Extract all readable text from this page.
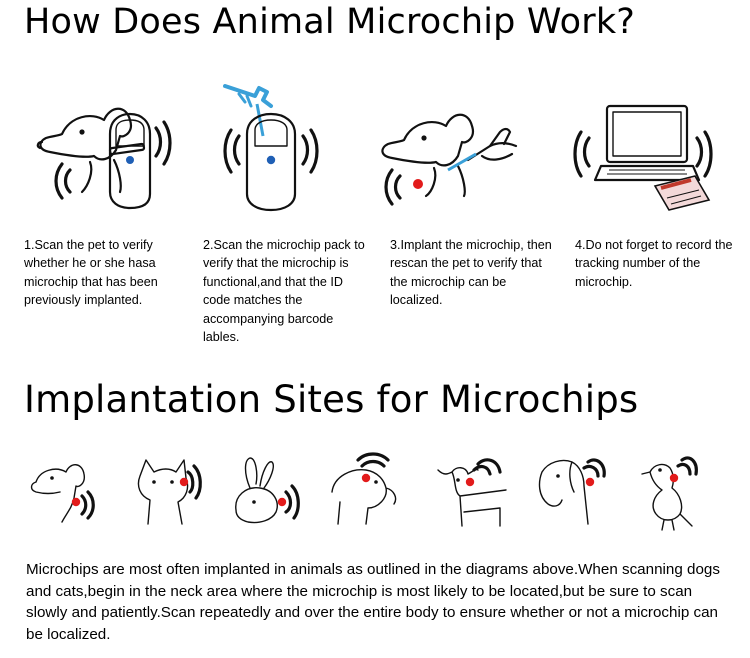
How Does Animal Microchip Work?
1.Scan the pet to verify whether he or she hasa microchip that has been previously implanted.
2.Scan the microchip pack to verify that the microchip is functional,and that the ID code matches the accompanying barcode lables.
3.Implant the microchip, then rescan the pet to verify that the microchip can be localized.
4.Do not forget to record the tracking number of the microchip.
Implantation Sites for Microchips

Microchips are most often implanted in animals as outlined in the diagrams above.When scanning dogs and cats,begin in the neck area where the microchip is most likely to be located,but be sure to scan slowly and patiently.Scan repeatedly and over the entire body to ensure whether or not a microchip can be localized.
